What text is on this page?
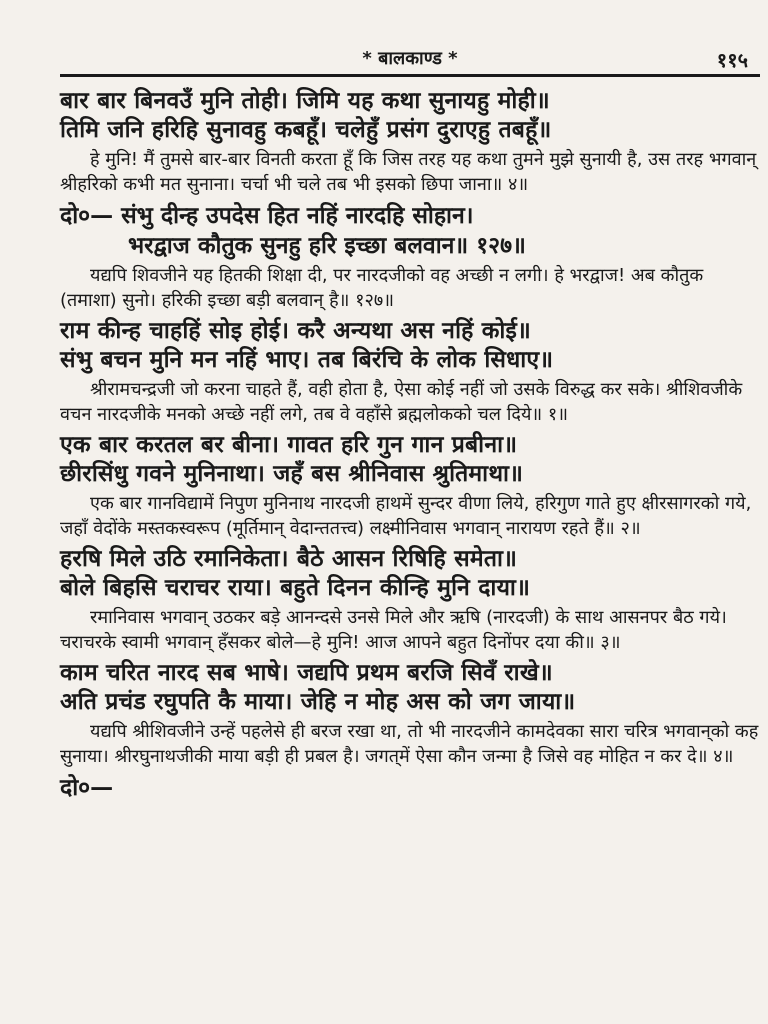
* बालकाण्ड *	११५
बार बार बिनवउँ मुनि तोही। जिमि यह कथा सुनायहु मोही॥
तिमि जनि हरिहि सुनावहु कबहूँ। चलेहुँ प्रसंग दुराएहु तबहूँ॥
हे मुनि! मैं तुमसे बार-बार विनती करता हूँ कि जिस तरह यह कथा तुमने मुझे सुनायी है, उस तरह भगवान् श्रीहरिको कभी मत सुनाना। चर्चा भी चले तब भी इसको छिपा जाना॥ ४॥
दो०— संभु दीन्ह उपदेस हित नहिं नारदहि सोहान।
भरद्वाज कौतुक सुनहु हरि इच्छा बलवान॥ १२७॥
यद्यपि शिवजीने यह हितकी शिक्षा दी, पर नारदजीको वह अच्छी न लगी। हे भरद्वाज! अब कौतुक (तमाशा) सुनो। हरिकी इच्छा बड़ी बलवान् है॥ १२७॥
राम कीन्ह चाहहिं सोइ होई। करै अन्यथा अस नहिं कोई॥
संभु बचन मुनि मन नहिं भाए। तब बिरंचि के लोक सिधाए॥
श्रीरामचन्द्रजी जो करना चाहते हैं, वही होता है, ऐसा कोई नहीं जो उसके विरुद्ध कर सके। श्रीशिवजीके वचन नारदजीके मनको अच्छे नहीं लगे, तब वे वहाँसे ब्रह्मलोकको चल दिये॥ १॥
एक बार करतल बर बीना। गावत हरि गुन गान प्रबीना॥
छीरसिंधु गवने मुनिनाथा। जहँ बस श्रीनिवास श्रुतिमाथा॥
एक बार गानविद्यामें निपुण मुनिनाथ नारदजी हाथमें सुन्दर वीणा लिये, हरिगुण गाते हुए क्षीरसागरको गये, जहाँ वेदोंके मस्तकस्वरूप (मूर्तिमान् वेदान्ततत्त्व) लक्ष्मीनिवास भगवान् नारायण रहते हैं॥ २॥
हरषि मिले उठि रमानिकेता। बैठे आसन रिषिहि समेता॥
बोले बिहसि चराचर राया। बहुते दिनन कीन्हि मुनि दाया॥
रमानिवास भगवान् उठकर बड़े आनन्दसे उनसे मिले और ऋषि (नारदजी) के साथ आसनपर बैठ गये। चराचरके स्वामी भगवान् हँसकर बोले—हे मुनि! आज आपने बहुत दिनोंपर दया की॥ ३॥
काम चरित नारद सब भाषे। जद्यपि प्रथम बरजि सिवँ राखे॥
अति प्रचंड रघुपति कै माया। जेहि न मोह अस को जग जाया॥
यद्यपि श्रीशिवजीने उन्हें पहलेसे ही बरज रखा था, तो भी नारदजीने कामदेवका सारा चरित्र भगवान्‌को कह सुनाया। श्रीरघुनाथजीकी माया बड़ी ही प्रबल है। जगत्‌में ऐसा कौन जन्मा है जिसे वह मोहित न कर दे॥ ४॥
दो०—
